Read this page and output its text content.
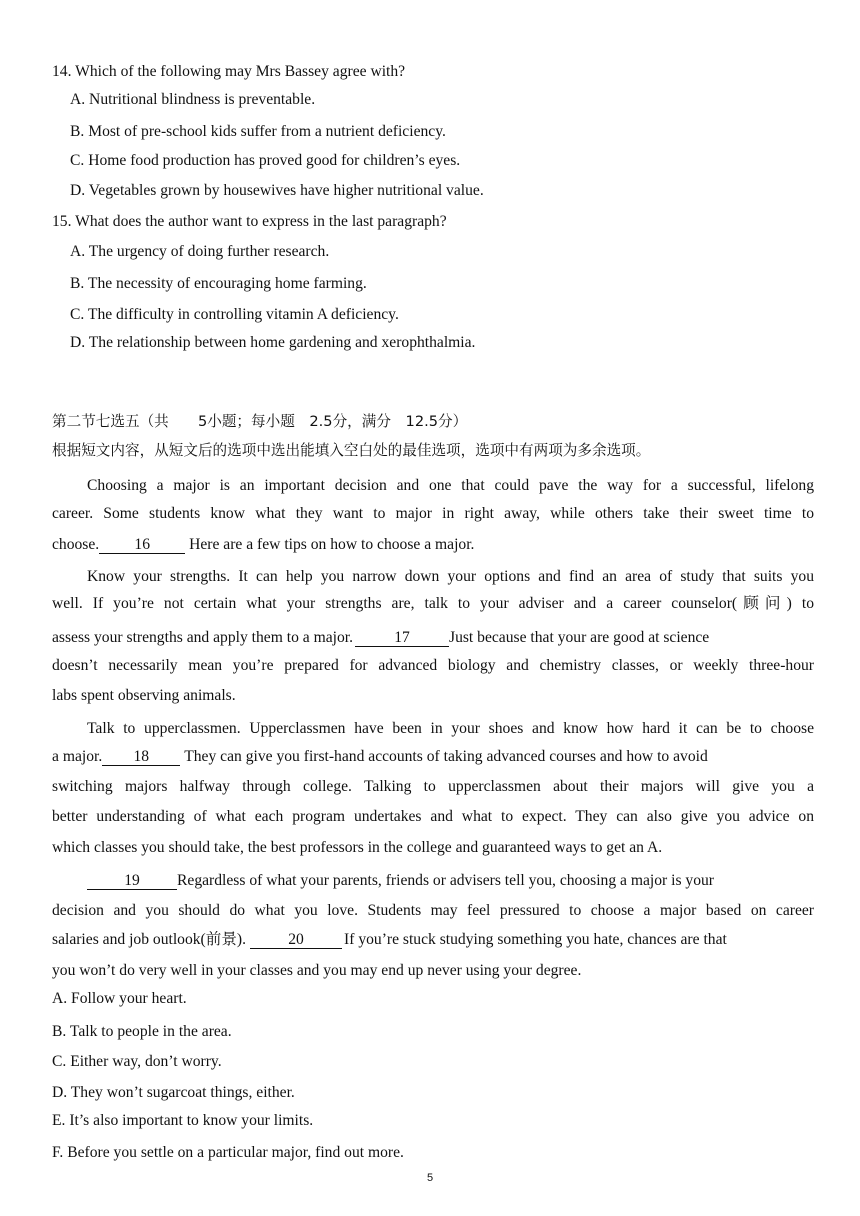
14. Which of the following may Mrs Bassey agree with?
A. Nutritional blindness is preventable.
B. Most of pre-school kids suffer from a nutrient deficiency.
C. Home food production has proved good for children’s eyes.
D. Vegetables grown by housewives have higher nutritional value.
15. What does the author want to express in the last paragraph?
A. The urgency of doing further research.
B. The necessity of encouraging home farming.
C. The difficulty in controlling vitamin A deficiency.
D. The relationship between home gardening and xerophthalmia.
第二节七选五（共　　5小题；每小题　2.5分，满分　12.5分）
根据短文内容，从短文后的选项中选出能填入空白处的最佳选项，选项中有两项为多余选项。
Choosing a major is an important decision and one that could pave the way for a successful, lifelong
career. Some students know what they want to major in right away, while others take their sweet time to
choose. 16 Here are a few tips on how to choose a major.
Know your strengths. It can help you narrow down your options and find an area of study that suits you
well. If you’re not certain what your strengths are, talk to your adviser and a career counselor(顾问) to
assess your strengths and apply them to a major.	17	Just because that your are good at science
doesn’t necessarily mean you’re prepared for advanced biology and chemistry classes, or weekly three-hour
labs spent observing animals.
Talk to upperclassmen. Upperclassmen have been in your shoes and know how hard it can be to choose
a major. 18 They can give you first-hand accounts of taking advanced courses and how to avoid
switching majors halfway through college. Talking to upperclassmen about their majors will give you a
better understanding of what each program undertakes and what to expect. They can also give you advice on
which classes you should take, the best professors in the college and guaranteed ways to get an A.
19 Regardless of what your parents, friends or advisers tell you, choosing a major is your
decision and you should do what you love. Students may feel pressured to choose a major based on career
salaries and job outlook(前景).	20	If you’re stuck studying something you hate, chances are that
you won’t do very well in your classes and you may end up never using your degree.
A. Follow your heart.
B. Talk to people in the area.
C. Either way, don’t worry.
D. They won’t sugarcoat things, either.
E. It’s also important to know your limits.
F. Before you settle on a particular major, find out more.
5
